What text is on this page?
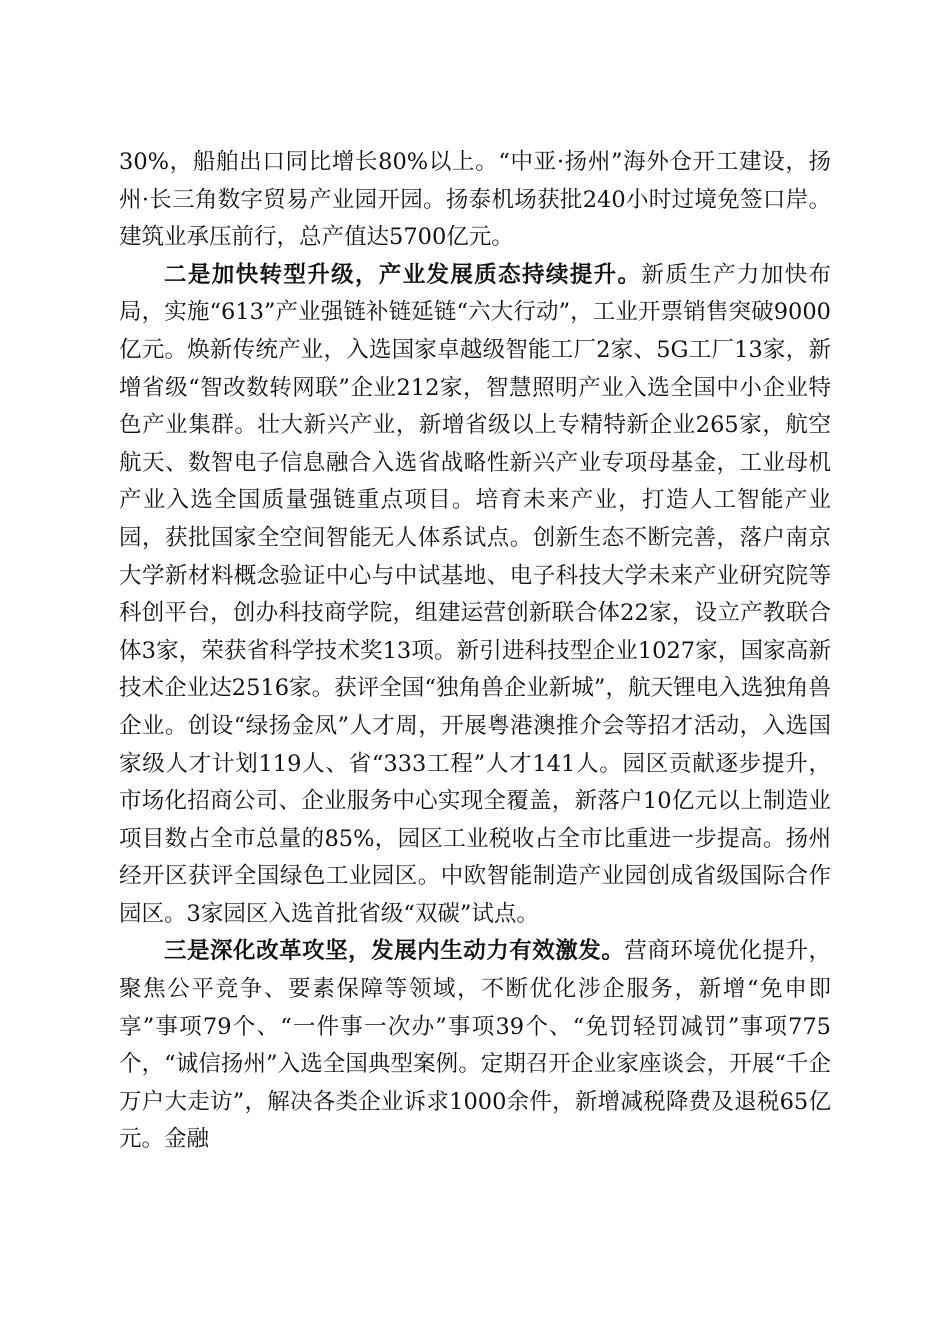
30%，船舶出口同比增长80%以上。“中亚·扬州”海外仓开工建设，扬州·长三角数字贸易产业园开园。扬泰机场获批240小时过境免签口岸。建筑业承压前行，总产值达5700亿元。

二是加快转型升级，产业发展质态持续提升。新质生产力加快布局，实施“613”产业强链补链延链“六大行动”，工业开票销售突破9000亿元。焕新传统产业，入选国家卓越级智能工厂2家、5G工厂13家，新增省级“智改数转网联”企业212家，智慧照明产业入选全国中小企业特色产业集群。壮大新兴产业，新增省级以上专精特新企业265家，航空航天、数智电子信息融合入选省战略性新兴产业专项母基金，工业母机产业入选全国质量强链重点项目。培育未来产业，打造人工智能产业园，获批国家全空间智能无人体系试点。创新生态不断完善，落户南京大学新材料概念验证中心与中试基地、电子科技大学未来产业研究院等科创平台，创办科技商学院，组建运营创新联合体22家，设立产教联合体3家，荣获省科学技术奖13项。新引进科技型企业1027家，国家高新技术企业达2516家。获评全国“独角兽企业新城”，航天锂电入选独角兽企业。创设“绿扬金凤”人才周，开展粤港澳推介会等招才活动，入选国家级人才计划119人、省“333工程”人才141人。园区贡献逐步提升，市场化招商公司、企业服务中心实现全覆盖，新落户10亿元以上制造业项目数占全市总量的85%，园区工业税收占全市比重进一步提高。扬州经开区获评全国绿色工业园区。中欧智能制造产业园创成省级国际合作园区。3家园区入选首批省级“双碳”试点。

三是深化改革攻坚，发展内生动力有效激发。营商环境优化提升，聚焦公平竞争、要素保障等领域，不断优化涉企服务，新增“免申即享”事项79个、“一件事一次办”事项39个、“免罚轻罚减罚”事项775个，“诚信扬州”入选全国典型案例。定期召开企业家座谈会，开展“千企万户大走访”，解决各类企业诉求1000余件，新增减税降费及退税65亿元。金融
